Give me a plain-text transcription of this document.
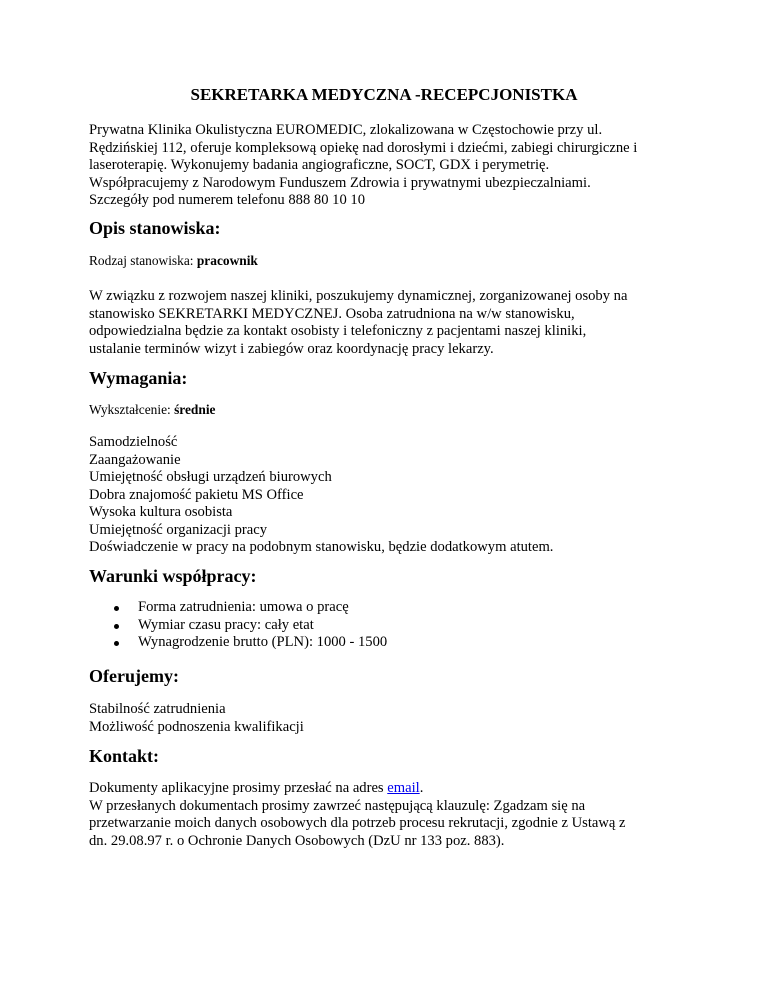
SEKRETARKA MEDYCZNA -RECEPCJONISTKA
Prywatna Klinika Okulistyczna EUROMEDIC, zlokalizowana w Częstochowie przy ul.
Rędzińskiej 112, oferuje kompleksową opiekę nad dorosłymi i dziećmi, zabiegi chirurgiczne i
laseroterapię. Wykonujemy badania angiograficzne, SOCT, GDX i perymetrię.
Współpracujemy z Narodowym Funduszem Zdrowia i prywatnymi ubezpieczalniami.
Szczegóły pod numerem telefonu 888 80 10 10
Opis stanowiska:

Rodzaj stanowiska: pracownik

W związku z rozwojem naszej kliniki, poszukujemy dynamicznej, zorganizowanej osoby na
stanowisko SEKRETARKI MEDYCZNEJ. Osoba zatrudniona na w/w stanowisku,
odpowiedzialna będzie za kontakt osobisty i telefoniczny z pacjentami naszej kliniki,
ustalanie terminów wizyt i zabiegów oraz koordynację pracy lekarzy.
Wymagania:

Wykształcenie: średnie

Samodzielność
Zaangażowanie
Umiejętność obsługi urządzeń biurowych
Dobra znajomość pakietu MS Office
Wysoka kultura osobista
Umiejętność organizacji pracy
Doświadczenie w pracy na podobnym stanowisku, będzie dodatkowym atutem.
Warunki współpracy:
Forma zatrudnienia: umowa o pracę
Wymiar czasu pracy: cały etat
Wynagrodzenie brutto (PLN): 1000 - 1500
Oferujemy:
Stabilność zatrudnienia
Możliwość podnoszenia kwalifikacji
Kontakt:
Dokumenty aplikacyjne prosimy przesłać na adres email.
W przesłanych dokumentach prosimy zawrzeć następującą klauzulę: Zgadzam się na
przetwarzanie moich danych osobowych dla potrzeb procesu rekrutacji, zgodnie z Ustawą z
dn. 29.08.97 r. o Ochronie Danych Osobowych (DzU nr 133 poz. 883).
